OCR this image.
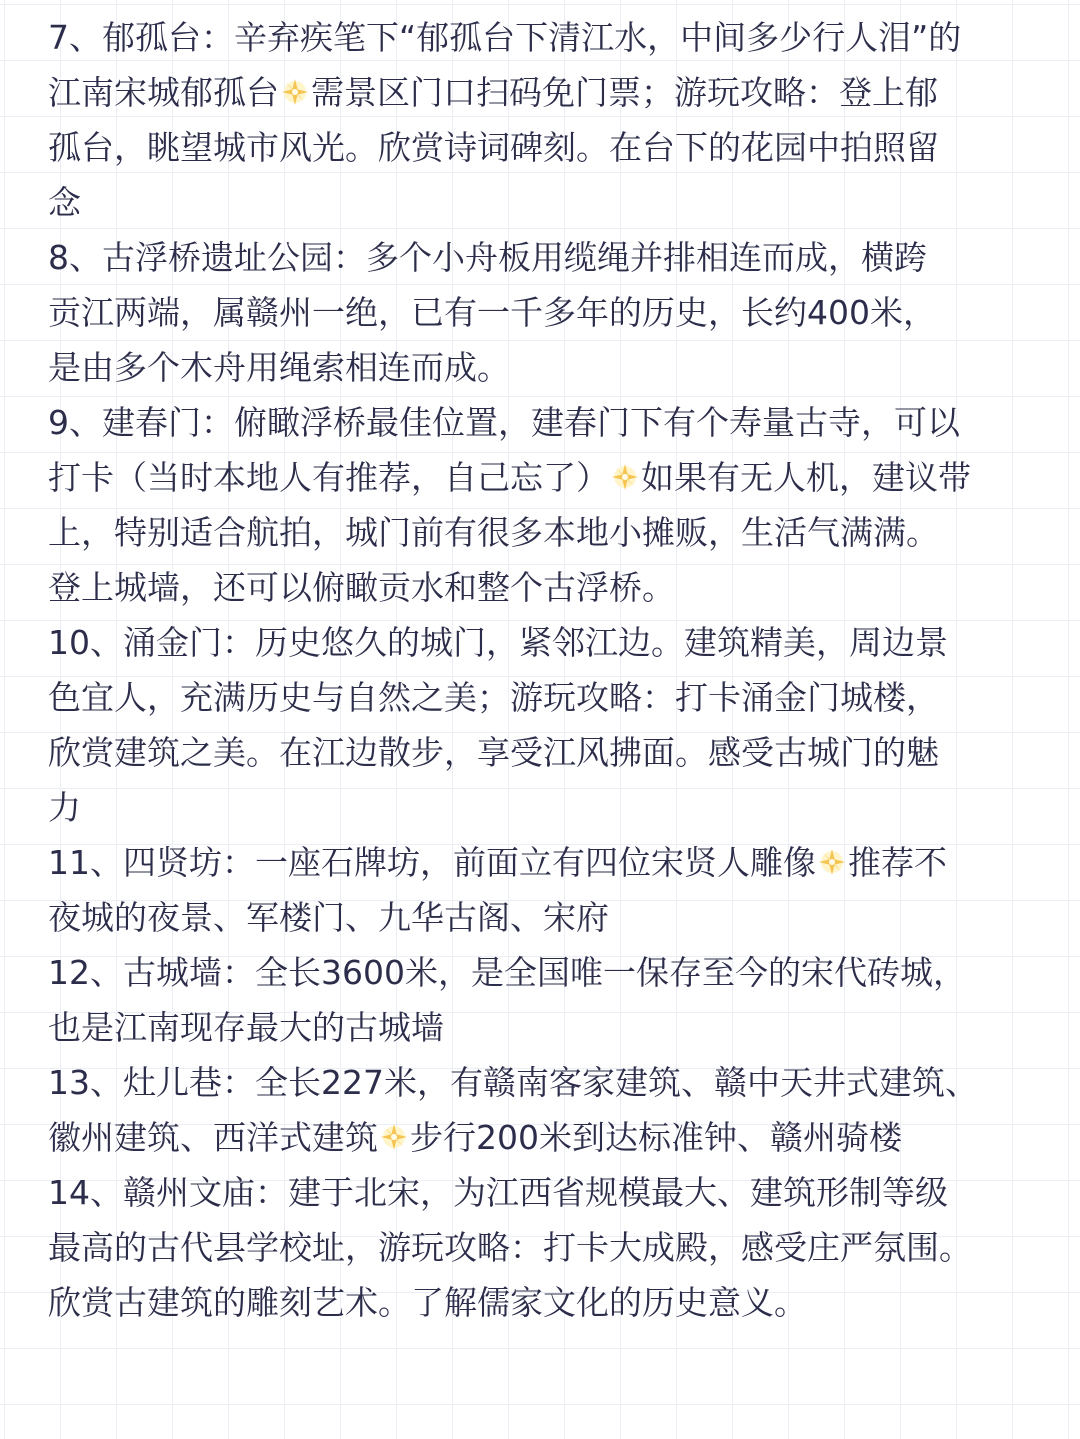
7、郁孤台：辛弃疾笔下“郁孤台下清江水，中间多少行人泪”的
江南宋城郁孤台 需景区门口扫码免门票；游玩攻略：登上郁
孤台，眺望城市风光。欣赏诗词碑刻。在台下的花园中拍照留
念
8、古浮桥遗址公园：多个小舟板用缆绳并排相连而成，横跨
贡江两端，属赣州一绝，已有一千多年的历史，长约400米，
是由多个木舟用绳索相连而成。
9、建春门：俯瞰浮桥最佳位置，建春门下有个寿量古寺，可以
打卡（当时本地人有推荐，自己忘了） 如果有无人机，建议带
上，特别适合航拍，城门前有很多本地小摊贩，生活气满满。
登上城墙，还可以俯瞰贡水和整个古浮桥。
10、涌金门：历史悠久的城门，紧邻江边。建筑精美，周边景
色宜人，充满历史与自然之美；游玩攻略：打卡涌金门城楼，
欣赏建筑之美。在江边散步，享受江风拂面。感受古城门的魅
力
11、四贤坊：一座石牌坊，前面立有四位宋贤人雕像 推荐不
夜城的夜景、军楼门、九华古阁、宋府
12、古城墙：全长3600米，是全国唯一保存至今的宋代砖城，
也是江南现存最大的古城墙
13、灶儿巷：全长227米，有赣南客家建筑、赣中天井式建筑、
徽州建筑、西洋式建筑 步行200米到达标准钟、赣州骑楼
14、赣州文庙：建于北宋，为江西省规模最大、建筑形制等级
最高的古代县学校址，游玩攻略：打卡大成殿，感受庄严氛围。
欣赏古建筑的雕刻艺术。了解儒家文化的历史意义。
